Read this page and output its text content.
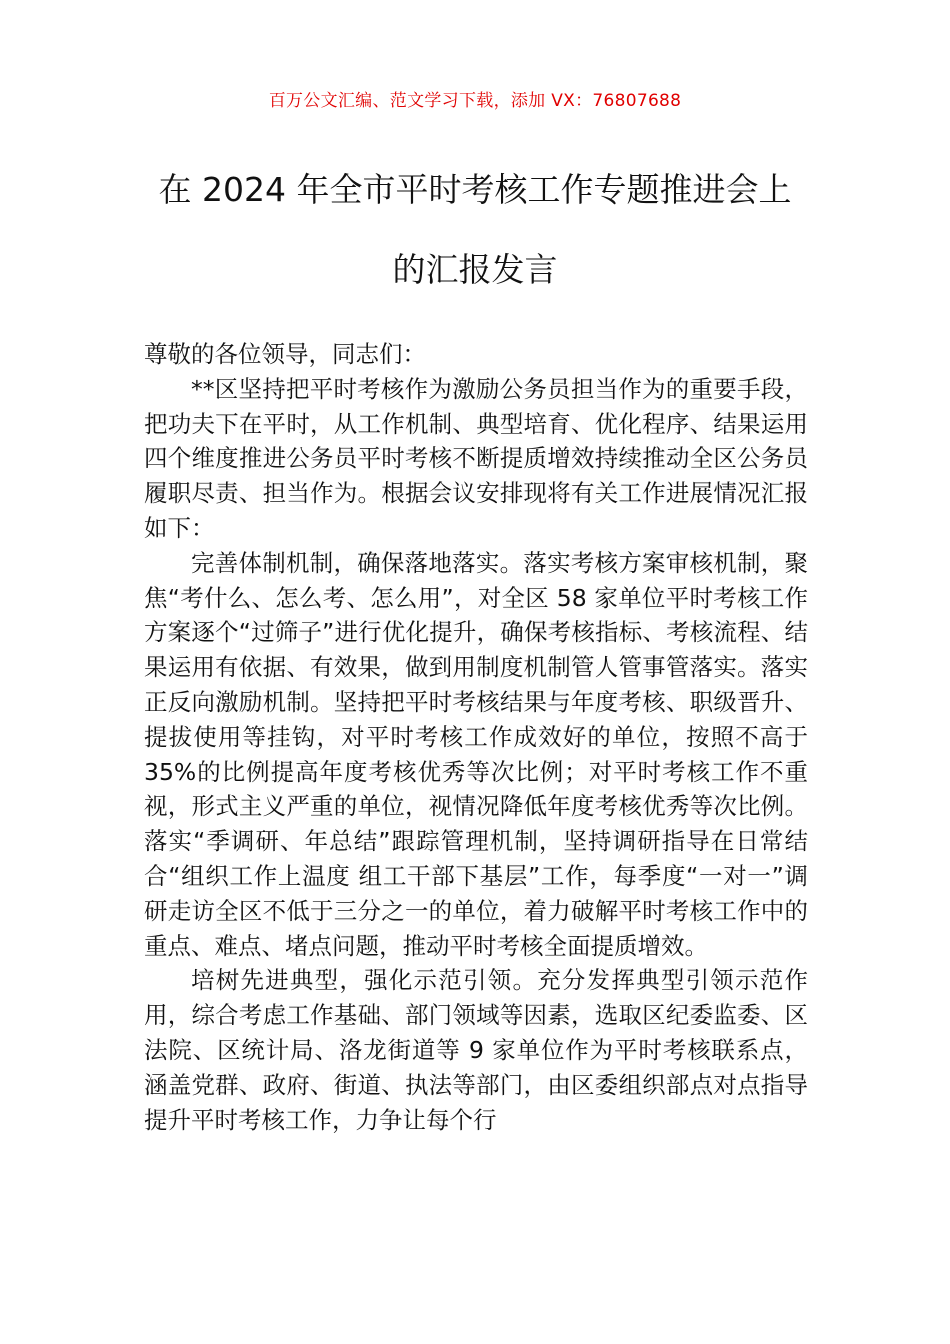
百万公文汇编、范文学习下载，添加 VX：76807688
在 2024 年全市平时考核工作专题推进会上
的汇报发言

尊敬的各位领导，同志们：

**区坚持把平时考核作为激励公务员担当作为的重要手段，把功夫下在平时，从工作机制、典型培育、优化程序、结果运用四个维度推进公务员平时考核不断提质增效持续推动全区公务员履职尽责、担当作为。根据会议安排现将有关工作进展情况汇报如下：

完善体制机制，确保落地落实。落实考核方案审核机制，聚焦“考什么、怎么考、怎么用”，对全区 58 家单位平时考核工作方案逐个“过筛子”进行优化提升，确保考核指标、考核流程、结果运用有依据、有效果，做到用制度机制管人管事管落实。落实正反向激励机制。坚持把平时考核结果与年度考核、职级晋升、提拔使用等挂钩，对平时考核工作成效好的单位，按照不高于 35%的比例提高年度考核优秀等次比例；对平时考核工作不重视，形式主义严重的单位，视情况降低年度考核优秀等次比例。落实“季调研、年总结”跟踪管理机制，坚持调研指导在日常结合“组织工作上温度 组工干部下基层”工作，每季度“一对一”调研走访全区不低于三分之一的单位，着力破解平时考核工作中的重点、难点、堵点问题，推动平时考核全面提质增效。

培树先进典型，强化示范引领。充分发挥典型引领示范作用，综合考虑工作基础、部门领域等因素，选取区纪委监委、区法院、区统计局、洛龙街道等 9 家单位作为平时考核联系点，涵盖党群、政府、街道、执法等部门，由区委组织部点对点指导提升平时考核工作，力争让每个行
